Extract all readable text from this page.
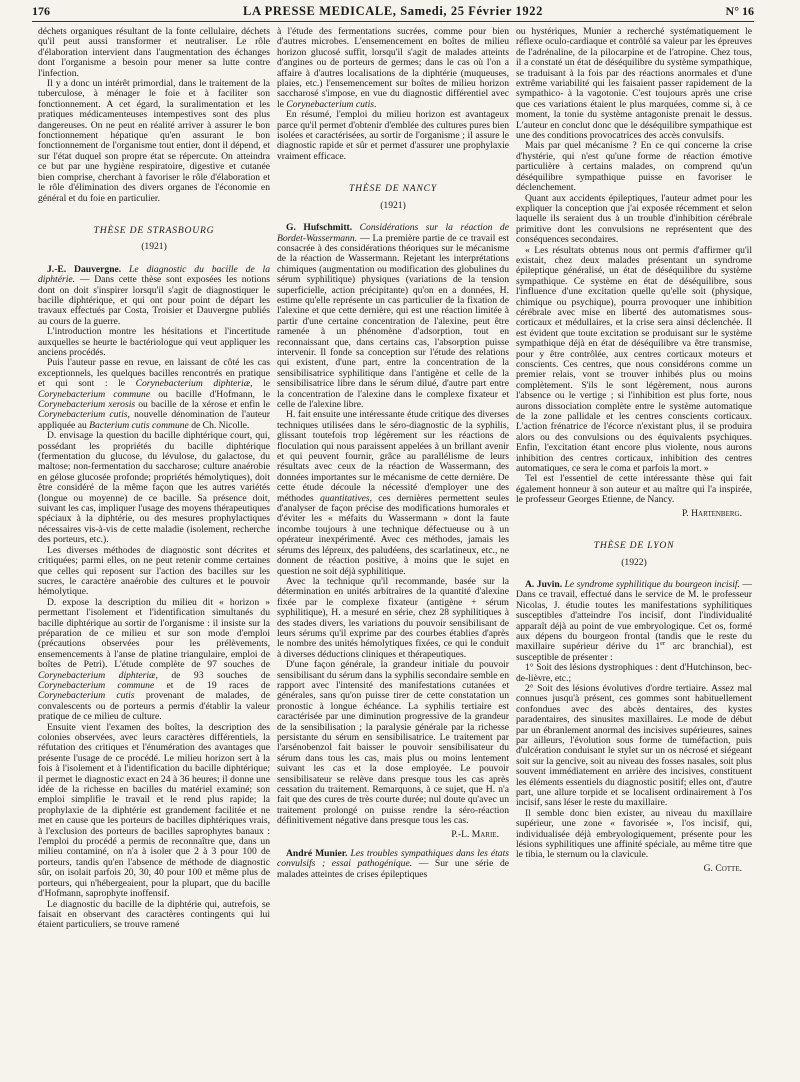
176	LA PRESSE MEDICALE, Samedi, 25 Février 1922	N° 16

déchets organiques résultant de la fonte cellulaire, déchets qu'il peut aussi transformer et neutraliser. Le rôle d'élaboration intervient dans l'augmentation des échanges dont l'organisme a besoin pour mener sa lutte contre l'infection.

Il y a donc un intérêt primordial, dans le traitement de la tuberculose, à ménager le foie et à faciliter son fonctionnement. A cet égard, la suralimentation et les pratiques médicamenteuses intempestives sont des plus dangereuses. On ne peut en réalité arriver à assurer le bon fonctionnement hépatique qu'en assurant le bon fonctionnement de l'organisme tout entier, dont il dépend, et sur l'état duquel son propre état se répercute. On atteindra ce but par une hygiène respiratoire, digestive et cutanée bien comprise, cherchant à favoriser le rôle d'élaboration et le rôle d'élimination des divers organes de l'économie en général et du foie en particulier.

THÈSE DE STRASBOURG
(1921)

J.-E. Dauvergne. Le diagnostic du bacille de la diphtérie. — Dans cette thèse sont exposées les notions dont on doit s'inspirer lorsqu'il s'agit de diagnostiquer le bacille diphtérique, et qui ont pour point de départ les travaux effectués par Costa, Troisier et Dauvergne publiés au cours de la guerre.

L'introduction montre les hésitations et l'incertitude auxquelles se heurte le bactériologue qui veut appliquer les anciens procédés.

Puis l'auteur passe en revue, en laissant de côté les cas exceptionnels, les quelques bacilles rencontrés en pratique et qui sont : le Corynebacterium diphteriæ, le Corynebacterium commune ou bacille d'Hofmann, le Corynebacterium xerosis ou bacille de la xérose et enfin le Corynebacterium cutis, nouvelle dénomination de l'auteur appliquée au Bacterium cutis commune de Ch. Nicolle.

D. envisage la question du bacille diphtérique court, qui, possédant les propriétés du bacille diphtérique (fermentation du glucose, du lévulose, du galactose, du maltose; non-fermentation du saccharose; culture anaérobie en gélose glucosée profonde; propriétés hémolytiques), doit être considéré de la même façon que les autres variétés (longue ou moyenne) de ce bacille. Sa présence doit, suivant les cas, impliquer l'usage des moyens thérapeutiques spéciaux à la diphtérie, ou des mesures prophylactiques nécessaires vis-à-vis de cette maladie (isolement, recherche des porteurs, etc.).

Les diverses méthodes de diagnostic sont décrites et critiquées; parmi elles, on ne peut retenir comme certaines que celles qui reposent sur l'action des bacilles sur les sucres, le caractère anaérobie des cultures et le pouvoir hémolytique.

D. expose la description du milieu dit « horizon » permettant l'isolement et l'identification simultanés du bacille diphtérique au sortir de l'organisme : il insiste sur la préparation de ce milieu et sur son mode d'emploi (précautions observées pour les prélèvements, ensemencements à l'anse de platine triangulaire, emploi de boîtes de Petri). L'étude complète de 97 souches de Corynebacterium diphteriæ, de 93 souches de Corynebacterium commune et de 19 races de Corynebacterium cutis provenant de malades, de convalescents ou de porteurs a permis d'établir la valeur pratique de ce milieu de culture.

Ensuite vient l'examen des boîtes, la description des colonies observées, avec leurs caractères différentiels, la réfutation des critiques et l'énumération des avantages que présente l'usage de ce procédé. Le milieu horizon sert à la fois à l'isolement et à l'identification du bacille diphtérique; il permet le diagnostic exact en 24 à 36 heures; il donne une idée de la richesse en bacilles du matériel examiné; son emploi simplifie le travail et le rend plus rapide; la prophylaxie de la diphtérie est grandement facilitée et ne met en cause que les porteurs de bacilles diphtériques vrais, à l'exclusion des porteurs de bacilles saprophytes banaux : l'emploi du procédé a permis de reconnaître que, dans un milieu contaminé, on n'a à isoler que 2 à 3 pour 100 de porteurs, tandis qu'en l'absence de méthode de diagnostic sûr, on isolait parfois 20, 30, 40 pour 100 et même plus de porteurs, qui n'hébergeaient, pour la plupart, que du bacille d'Hofmann, saprophyte inoffensif.

Le diagnostic du bacille de la diphtérie qui, autrefois, se faisait en observant des caractères contingents qui lui étaient particuliers, se trouve ramené

à l'étude des fermentations sucrées, comme pour bien d'autres microbes. L'ensemencement en boîtes de milieu horizon glucosé suffit, lorsqu'il s'agit de malades atteints d'angines ou de porteurs de germes; dans le cas où l'on a affaire à d'autres localisations de la diphtérie (muqueuses, plaies, etc.) l'ensemencement sur boîtes de milieu horizon saccharosé s'impose, en vue du diagnostic différentiel avec le Corynebacterium cutis.

En résumé, l'emploi du milieu horizon est avantageux parce qu'il permet d'obtenir d'emblée des cultures pures bien isolées et caractérisées, au sortir de l'organisme ; il assure le diagnostic rapide et sûr et permet d'assurer une prophylaxie vraiment efficace.

THÈSE DE NANCY
(1921)

G. Hufschmitt. Considérations sur la réaction de Bordet-Wassermann. — La première partie de ce travail est consacrée à des considérations théoriques sur le mécanisme de la réaction de Wassermann. Rejetant les interprétations chimiques (augmentation ou modification des globulines du sérum syphilitique) physiques (variations de la tension superficielle, action précipitante) qu'on en a données, H. estime qu'elle représente un cas particulier de la fixation de l'alexine et que cette dernière, qui est une réaction limitée à partir d'une certaine concentration de l'alexine, peut être ramenée à un phénomène d'adsorption, tout en reconnaissant que, dans certains cas, l'absorption puisse intervenir. Il fonde sa conception sur l'étude des relations qui existent, d'une part, entre la concentration de la sensibilisatrice syphilitique dans l'antigène et celle de la sensibilisatrice libre dans le sérum dilué, d'autre part entre la concentration de l'alexine dans le complexe fixateur et celle de l'alexine libre.

H. fait ensuite une intéressante étude critique des diverses techniques utilisées dans le séro-diagnostic de la syphilis, glissant toutefois trop légèrement sur les réactions de floculation qui nous paraissent appelées à un brillant avenir et qui peuvent fournir, grâce au parallélisme de leurs résultats avec ceux de la réaction de Wassermann, des données importantes sur le mécanisme de cette dernière. De cette étude découle la nécessité d'employer une des méthodes quantitatives, ces dernières permettent seules d'analyser de façon précise des modifications humorales et d'éviter les « méfaits du Wassermann » dont la faute incombe toujours à une technique défectueuse ou à un opérateur inexpérimenté. Avec ces méthodes, jamais les sérums des lépreux, des paludéens, des scarlatineux, etc., ne donnent de réaction positive, à moins que le sujet en question ne soit déjà syphilitique.

Avec la technique qu'il recommande, basée sur la détermination en unités arbitraires de la quantité d'alexine fixée par le complexe fixateur (antigène + sérum syphilitique), H. a mesuré en série, chez 28 syphilitiques à des stades divers, les variations du pouvoir sensibilisant de leurs sérums qu'il exprime par des courbes établies d'après le nombre des unités hémolytiques fixées, ce qui le conduit à diverses déductions cliniques et thérapeutiques.

D'une façon générale, la grandeur initiale du pouvoir sensibilisant du sérum dans la syphilis secondaire semble en rapport avec l'intensité des manifestations cutanées et générales, sans qu'on puisse tirer de cette constatation un pronostic à longue échéance. La syphilis tertiaire est caractérisée par une diminution progressive de la grandeur de la sensibilisation ; la paralysie générale par la richesse persistante du sérum en sensibilisatrice. Le traitement par l'arsénobenzol fait baisser le pouvoir sensibilisateur du sérum dans tous les cas, mais plus ou moins lentement suivant les cas et la dose employée. Le pouvoir sensibilisateur se relève dans presque tous les cas après cessation du traitement. Remarquons, à ce sujet, que H. n'a fait que des cures de très courte durée; nul doute qu'avec un traitement prolongé on puisse rendre la séro-réaction définitivement négative dans presque tous les cas.

P.-L. Marie.

André Munier. Les troubles sympathiques dans les états convulsifs ; essai pathogénique. — Sur une série de malades atteintes de crises épileptiques

ou hystériques, Munier a recherché systématiquement le réflexe oculo-cardiaque et contrôlé sa valeur par les épreuves de l'adrénaline, de la pilocarpine et de l'atropine. Chez tous, il a constaté un état de déséquilibre du système sympathique, se traduisant à la fois par des réactions anormales et d'une extrême variabilité qui les faisaient passer rapidement de la sympathico- à la vagotonie. C'est toujours après une crise que ces variations étaient le plus marquées, comme si, à ce moment, la tonie du système antagoniste prenait le dessus. L'auteur en conclut donc que le déséquilibre sympathique est une des conditions provocatrices des accès convulsifs.

Mais par quel mécanisme ? En ce qui concerne la crise d'hystérie, qui n'est qu'une forme de réaction émotive particulière à certains malades, on comprend qu'un déséquilibre sympathique puisse en favoriser le déclenchement.

Quant aux accidents épileptiques, l'auteur admet pour les expliquer la conception que j'ai exposée récemment et selon laquelle ils seraient dus à un trouble d'inhibition cérébrale primitive dont les convulsions ne représentent que des conséquences secondaires.

« Les résultats obtenus nous ont permis d'affirmer qu'il existait, chez deux malades présentant un syndrome épileptique généralisé, un état de déséquilibre du système sympathique. Ce système en état de déséquilibre, sous l'influence d'une excitation quelle qu'elle soit (physique, chimique ou psychique), pourra provoquer une inhibition cérébrale avec mise en liberté des automatismes sous-corticaux et médullaires, et la crise sera ainsi déclenchée. Il est évident que toute excitation se produisant sur le système sympathique déjà en état de déséquilibre va être transmise, pour y être contrôlée, aux centres corticaux moteurs et conscients. Ces centres, que nous considérons comme un premier relais, vont se trouver inhibés plus ou moins complètement. S'ils le sont légèrement, nous aurons l'absence ou le vertige ; si l'inhibition est plus forte, nous aurons dissociation complète entre le système automatique de la zone pallidale et les centres conscients corticaux. L'action frénatrice de l'écorce n'existant plus, il se produira alors ou des convulsions ou des équivalents psychiques. Enfin, l'excitation étant encore plus violente, nous aurons inhibition des centres corticaux, inhibition des centres automatiques, ce sera le coma et parfois la mort. »

Tel est l'essentiel de cette intéressante thèse qui fait également honneur à son auteur et au maître qui l'a inspirée, le professeur Georges Etienne, de Nancy.

P. Hartenberg.
THÈSE DE LYON
(1922)

A. Juvin. Le syndrome syphilitique du bourgeon incisif. — Dans ce travail, effectué dans le service de M. le professeur Nicolas, J. étudie toutes les manifestations syphilitiques susceptibles d'atteindre l'os incisif, dont l'individualité apparaît déjà au point de vue embryologique. Cet os, formé aux dépens du bourgeon frontal (tandis que le reste du maxillaire supérieur dérive du 1er arc branchial), est susceptible de présenter :

1° Soit des lésions dystrophiques : dent d'Hutchinson, bec-de-lièvre, etc.;

2° Soit des lésions évolutives d'ordre tertiaire. Assez mal connues jusqu'à présent, ces gommes sont habituellement confondues avec des abcès dentaires, des kystes paradentaires, des sinusites maxillaires. Le mode de début par un ébranlement anormal des incisives supérieures, saines par ailleurs, l'évolution sous forme de tuméfaction, puis d'ulcération conduisant le stylet sur un os nécrosé et siégeant soit sur la gencive, soit au niveau des fosses nasales, soit plus souvent immédiatement en arrière des incisives, constituent les éléments essentiels du diagnostic positif; elles ont, d'autre part, une allure torpide et se localisent ordinairement à l'os incisif, sans léser le reste du maxillaire.

Il semble donc bien exister, au niveau du maxillaire supérieur, une zone « favorisée », l'os incisif, qui, individualisée déjà embryologiquement, présente pour les lésions syphilitiques une affinité spéciale, au même titre que le tibia, le sternum ou la clavicule.

G. Cotte.
